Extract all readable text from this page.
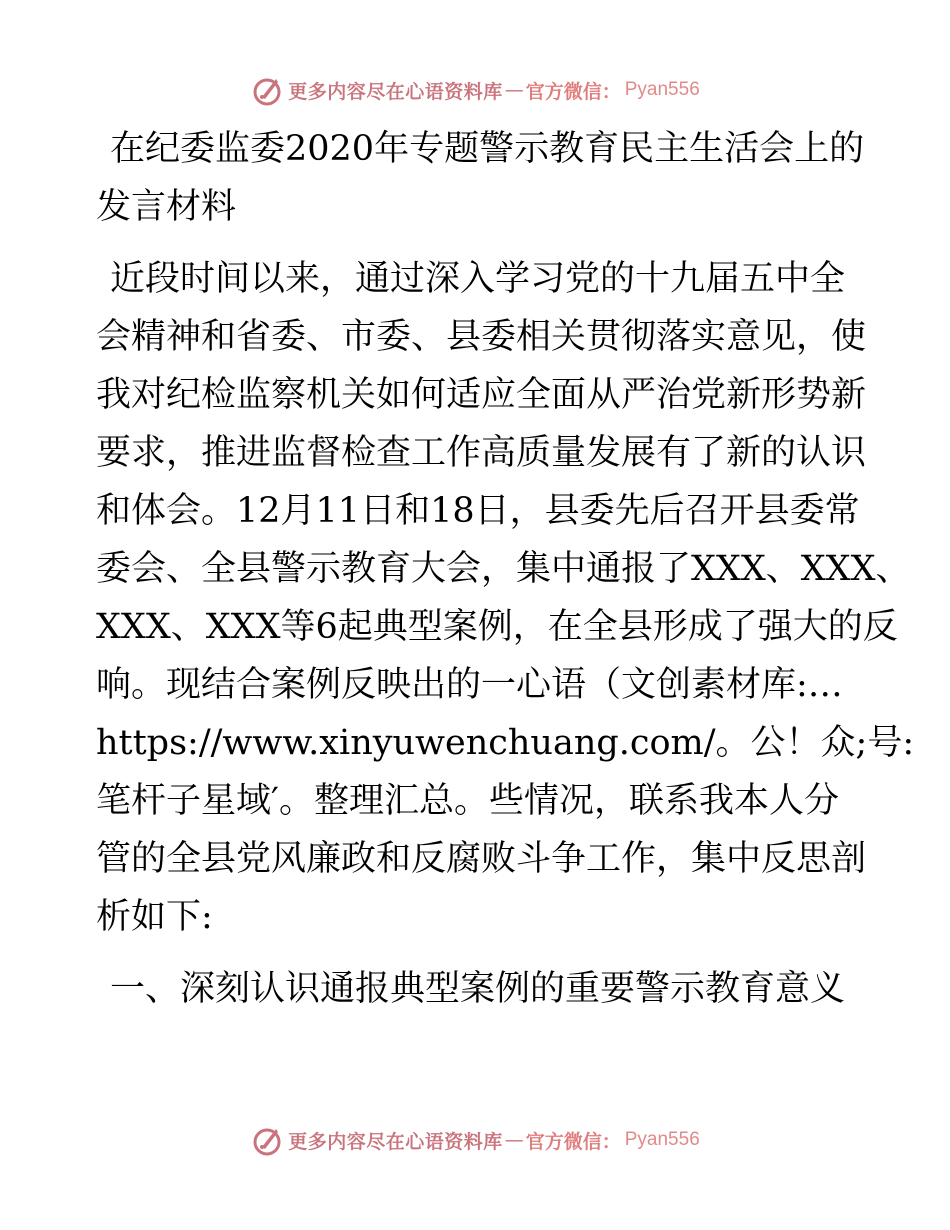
更多内容尽在心语资料库 — 官方微信： Pyan556

在纪委监委2020年专题警示教育民主生活会上的
发言材料

近段时间以来，通过深入学习党的十九届五中全
会精神和省委、市委、县委相关贯彻落实意见，使
我对纪检监察机关如何适应全面从严治党新形势新
要求，推进监督检查工作高质量发展有了新的认识
和体会。12月11日和18日，县委先后召开县委常
委会、全县警示教育大会，集中通报了XXX、XXX、
XXX、XXX等6起典型案例，在全县形成了强大的反
响。现结合案例反映出的一心语（文创素材库:…
https://www.xinyuwenchuang.com/。公！众;号:
笔杆子星域′。整理汇总。些情况，联系我本人分
管的全县党风廉政和反腐败斗争工作，集中反思剖
析如下:

一、深刻认识通报典型案例的重要警示教育意义

更多内容尽在心语资料库 — 官方微信： Pyan556
